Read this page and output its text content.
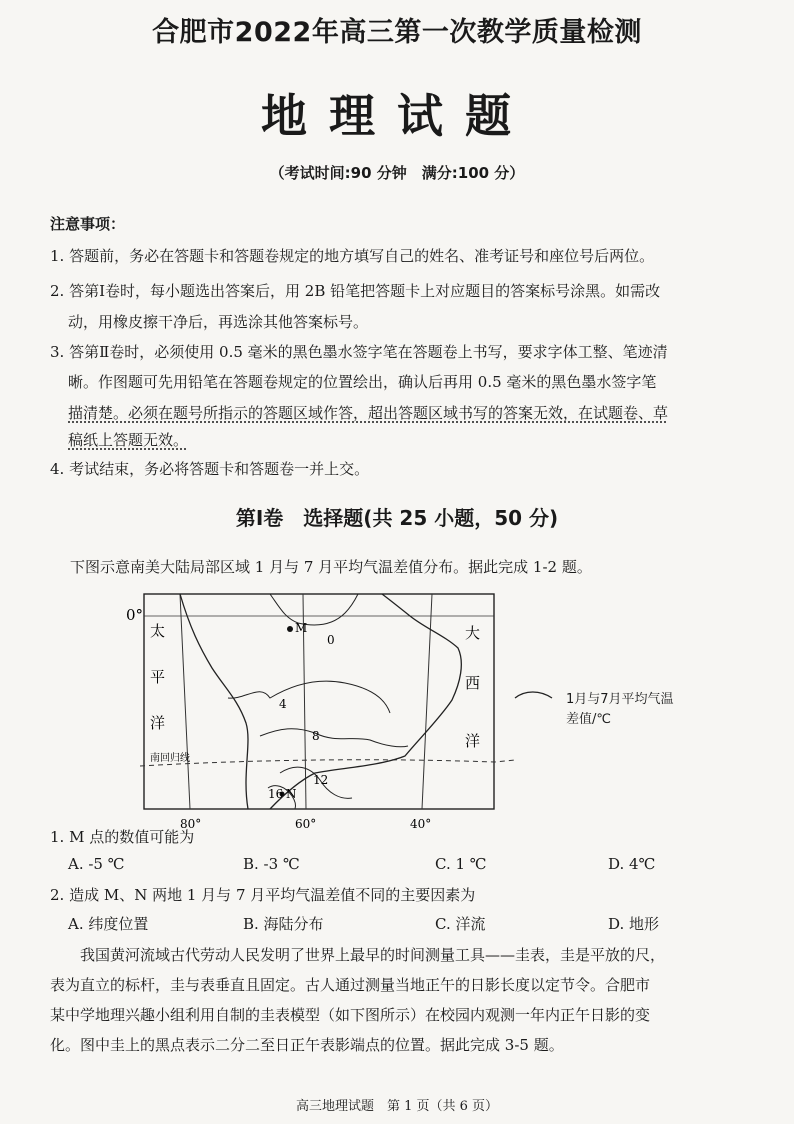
合肥市2022年高三第一次教学质量检测
地理试题
（考试时间:90 分钟　满分:100 分）
注意事项：
1. 答题前，务必在答题卡和答题卷规定的地方填写自己的姓名、准考证号和座位号后两位。
2. 答第Ⅰ卷时，每小题选出答案后，用 2B 铅笔把答题卡上对应题目的答案标号涂黑。如需改
动，用橡皮擦干净后，再选涂其他答案标号。
3. 答第Ⅱ卷时，必须使用 0.5 毫米的黑色墨水签字笔在答题卷上书写，要求字体工整、笔迹清
晰。作图题可先用铅笔在答题卷规定的位置绘出，确认后再用 0.5 毫米的黑色墨水签字笔
描清楚。必须在题号所指示的答题区域作答，超出答题区域书写的答案无效，在试题卷、草
稿纸上答题无效。
4. 考试结束，务必将答题卡和答题卷一并上交。
第Ⅰ卷　选择题(共 25 小题，50 分)
下图示意南美大陆局部区域 1 月与 7 月平均气温差值分布。据此完成 1-2 题。
0°
80°	60°	40°
太
平
洋
大
西
洋
南回归线
M
N
0
4
8
12
16
1月与7月平均气温
差值/℃
1. M 点的数值可能为
A. -5 ℃	B. -3 ℃	C. 1 ℃	D. 4℃
2. 造成 M、N 两地 1 月与 7 月平均气温差值不同的主要因素为
A. 纬度位置	B. 海陆分布	C. 洋流	D. 地形
　　我国黄河流域古代劳动人民发明了世界上最早的时间测量工具——圭表，圭是平放的尺，
表为直立的标杆，圭与表垂直且固定。古人通过测量当地正午的日影长度以定节令。合肥市
某中学地理兴趣小组利用自制的圭表模型（如下图所示）在校园内观测一年内正午日影的变
化。图中圭上的黑点表示二分二至日正午表影端点的位置。据此完成 3-5 题。
高三地理试题　第 1 页（共 6 页）
